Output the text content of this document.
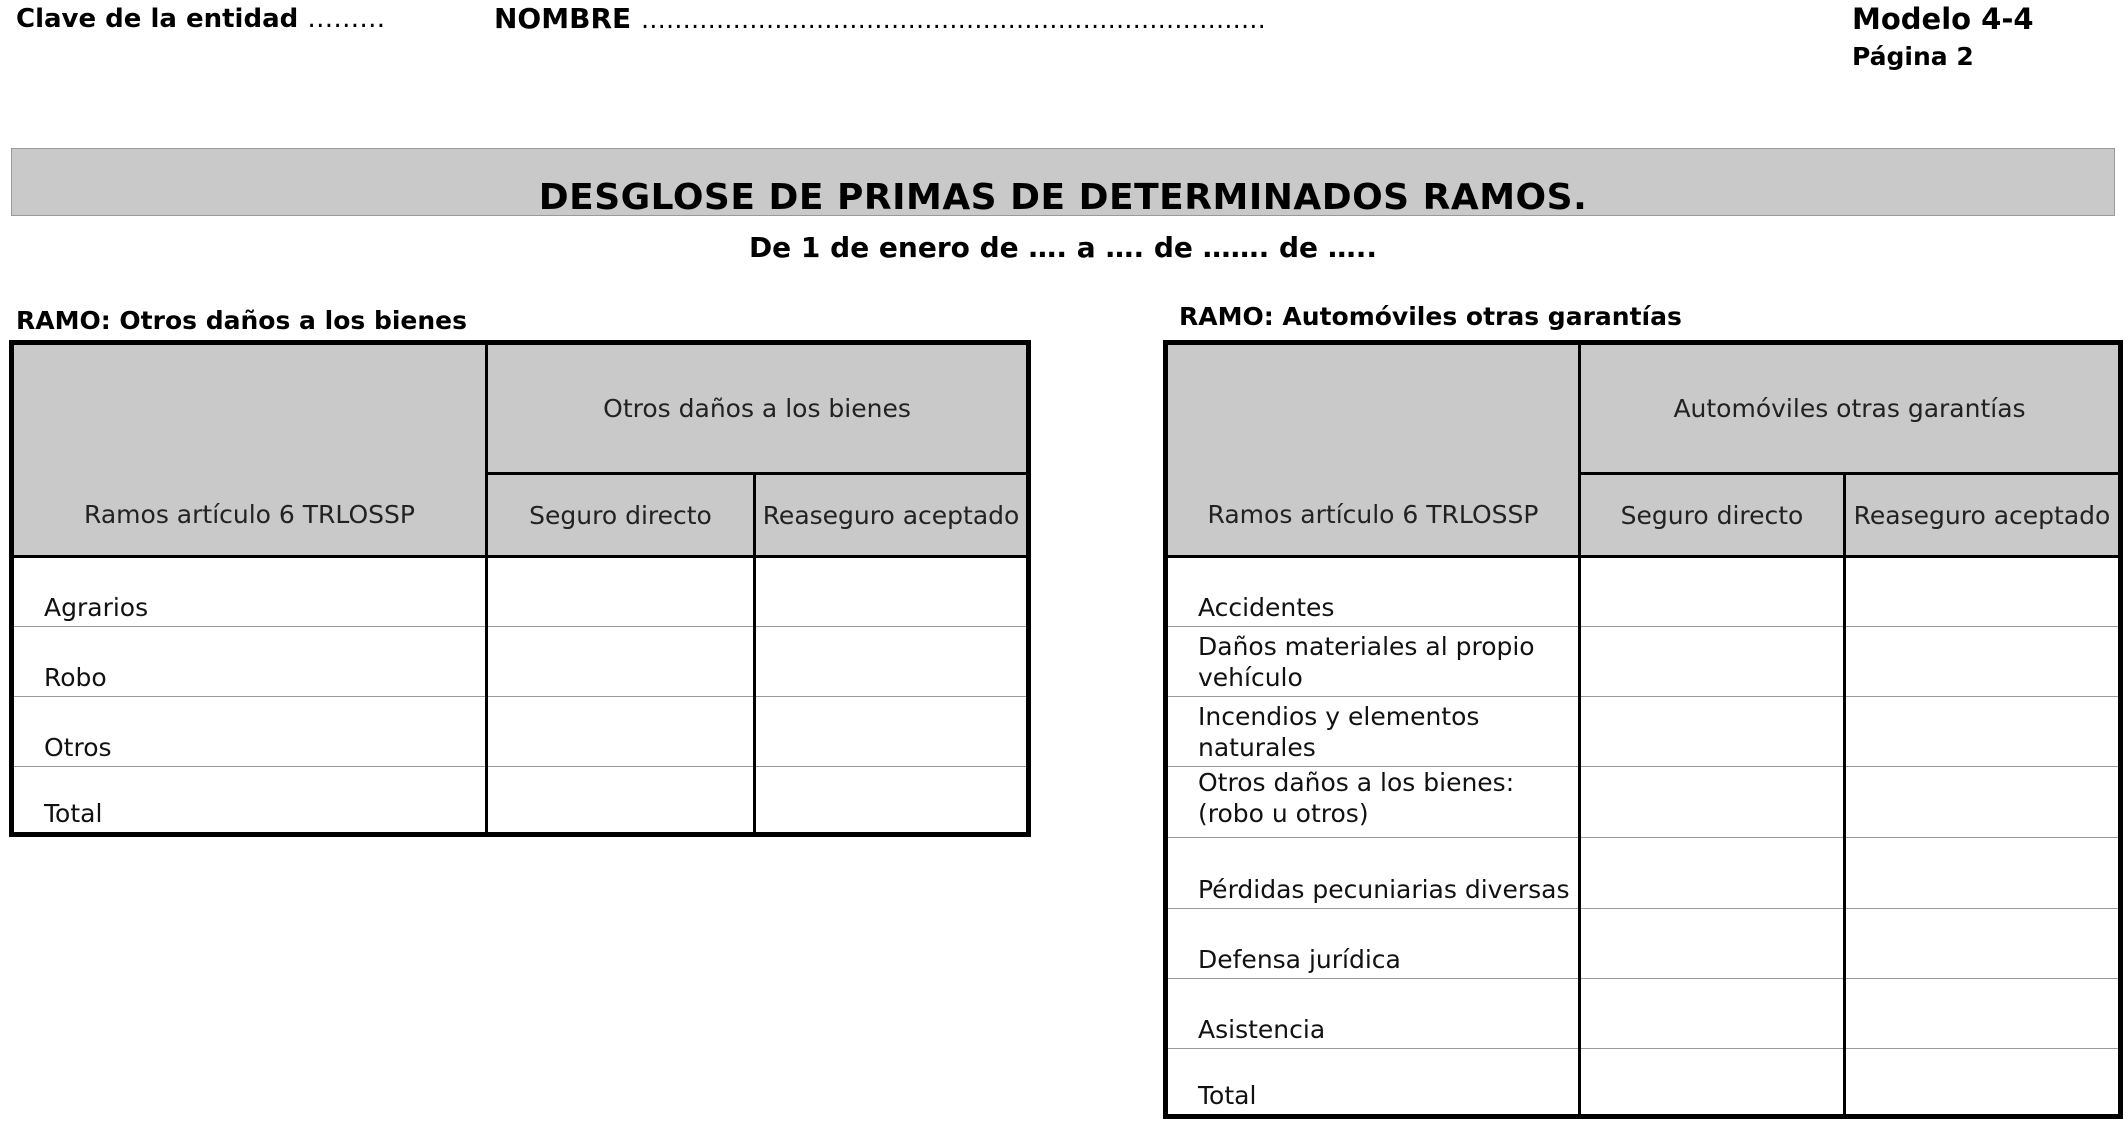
Clave de la entidad ………	NOMBRE …………………………………………………………………	Modelo 4-4
Página 2
DESGLOSE DE PRIMAS DE DETERMINADOS RAMOS.
De 1 de enero de …. a …. de ……. de …..
RAMO: Otros daños a los bienes
Ramos artículo 6 TRLOSSP	Otros daños a los bienes	
	Seguro directo	Reaseguro aceptado
Agrarios		
Robo		
Otros		
Total		
RAMO: Automóviles otras garantías
Ramos artículo 6 TRLOSSP	Automóviles otras garantías	
	Seguro directo	Reaseguro aceptado
Accidentes		
Daños materiales al propio vehículo		
Incendios y elementos naturales		
Otros daños a los bienes: (robo u otros)		
Pérdidas pecuniarias diversas		
Defensa jurídica		
Asistencia		
Total		
